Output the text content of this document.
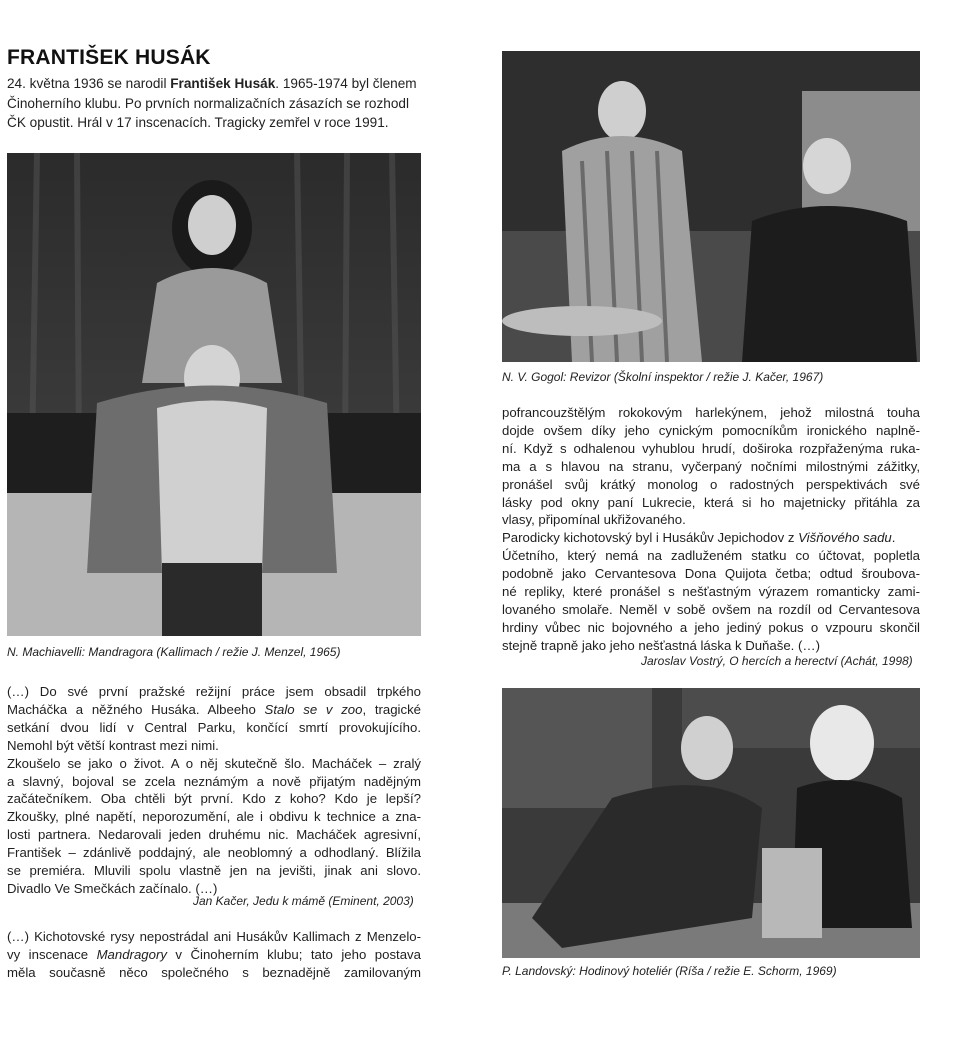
FRANTIŠEK HUSÁK
24. května 1936 se narodil František Husák. 1965-1974 byl členem Činoherního klubu. Po prvních normalizačních zásazích se rozhodl ČK opustit. Hrál v 17 inscenacích. Tragicky zemřel v roce 1991.
N. Machiavelli: Mandragora (Kallimach / režie J. Menzel, 1965)
N. V. Gogol: Revizor (Školní inspektor / režie J. Kačer, 1967)
P. Landovský: Hodinový hoteliér (Ríša / režie E. Schorm, 1969)
(…) Do své první pražské režijní práce jsem obsadil trpkého
Macháčka a něžného Husáka. Albeeho Stalo se v zoo, tragické
setkání dvou lidí v Central Parku, končící smrtí provokujícího.
Nemohl být větší kontrast mezi nimi.
Zkoušelo se jako o život. A o něj skutečně šlo. Macháček – zralý
a slavný, bojoval se zcela neznámým a nově přijatým nadějným
začátečníkem. Oba chtěli být první. Kdo z koho? Kdo je lepší?
Zkoušky, plné napětí, neporozumění, ale i obdivu k technice a zna-
losti partnera. Nedarovali jeden druhému nic. Macháček agresivní,
František – zdánlivě poddajný, ale neoblomný a odhodlaný. Blížila
se premiéra. Mluvili spolu vlastně jen na jevišti, jinak ani slovo.
Divadlo Ve Smečkách začínalo. (…)
Jan Kačer, Jedu k mámě (Eminent, 2003)
(…) Kichotovské rysy nepostrádal ani Husákův Kallimach z Menzelo-
vy inscenace Mandragory v Činoherním klubu; tato jeho postava
měla současně něco společného s beznadějně zamilovaným
pofrancouzštělým rokokovým harlekýnem, jehož milostná touha
dojde ovšem díky jeho cynickým pomocníkům ironického naplně-
ní. Když s odhalenou vyhublou hrudí, doširoka rozpřaženýma ruka-
ma a s hlavou na stranu, vyčerpaný nočními milostnými zážitky,
pronášel svůj krátký monolog o radostných perspektivách své
lásky pod okny paní Lukrecie, která si ho majetnicky přitáhla za
vlasy, připomínal ukřižovaného.
Parodicky kichotovský byl i Husákův Jepichodov z Višňového sadu.
Účetního, který nemá na zadluženém statku co účtovat, popletla
podobně jako Cervantesova Dona Quijota četba; odtud šroubova-
né repliky, které pronášel s nešťastným výrazem romanticky zami-
lovaného smolaře. Neměl v sobě ovšem na rozdíl od Cervantesova
hrdiny vůbec nic bojovného a jeho jediný pokus o vzpouru skončil
stejně trapně jako jeho nešťastná láska k Duňaše. (…)
Jaroslav Vostrý, O hercích a herectví (Achát, 1998)
